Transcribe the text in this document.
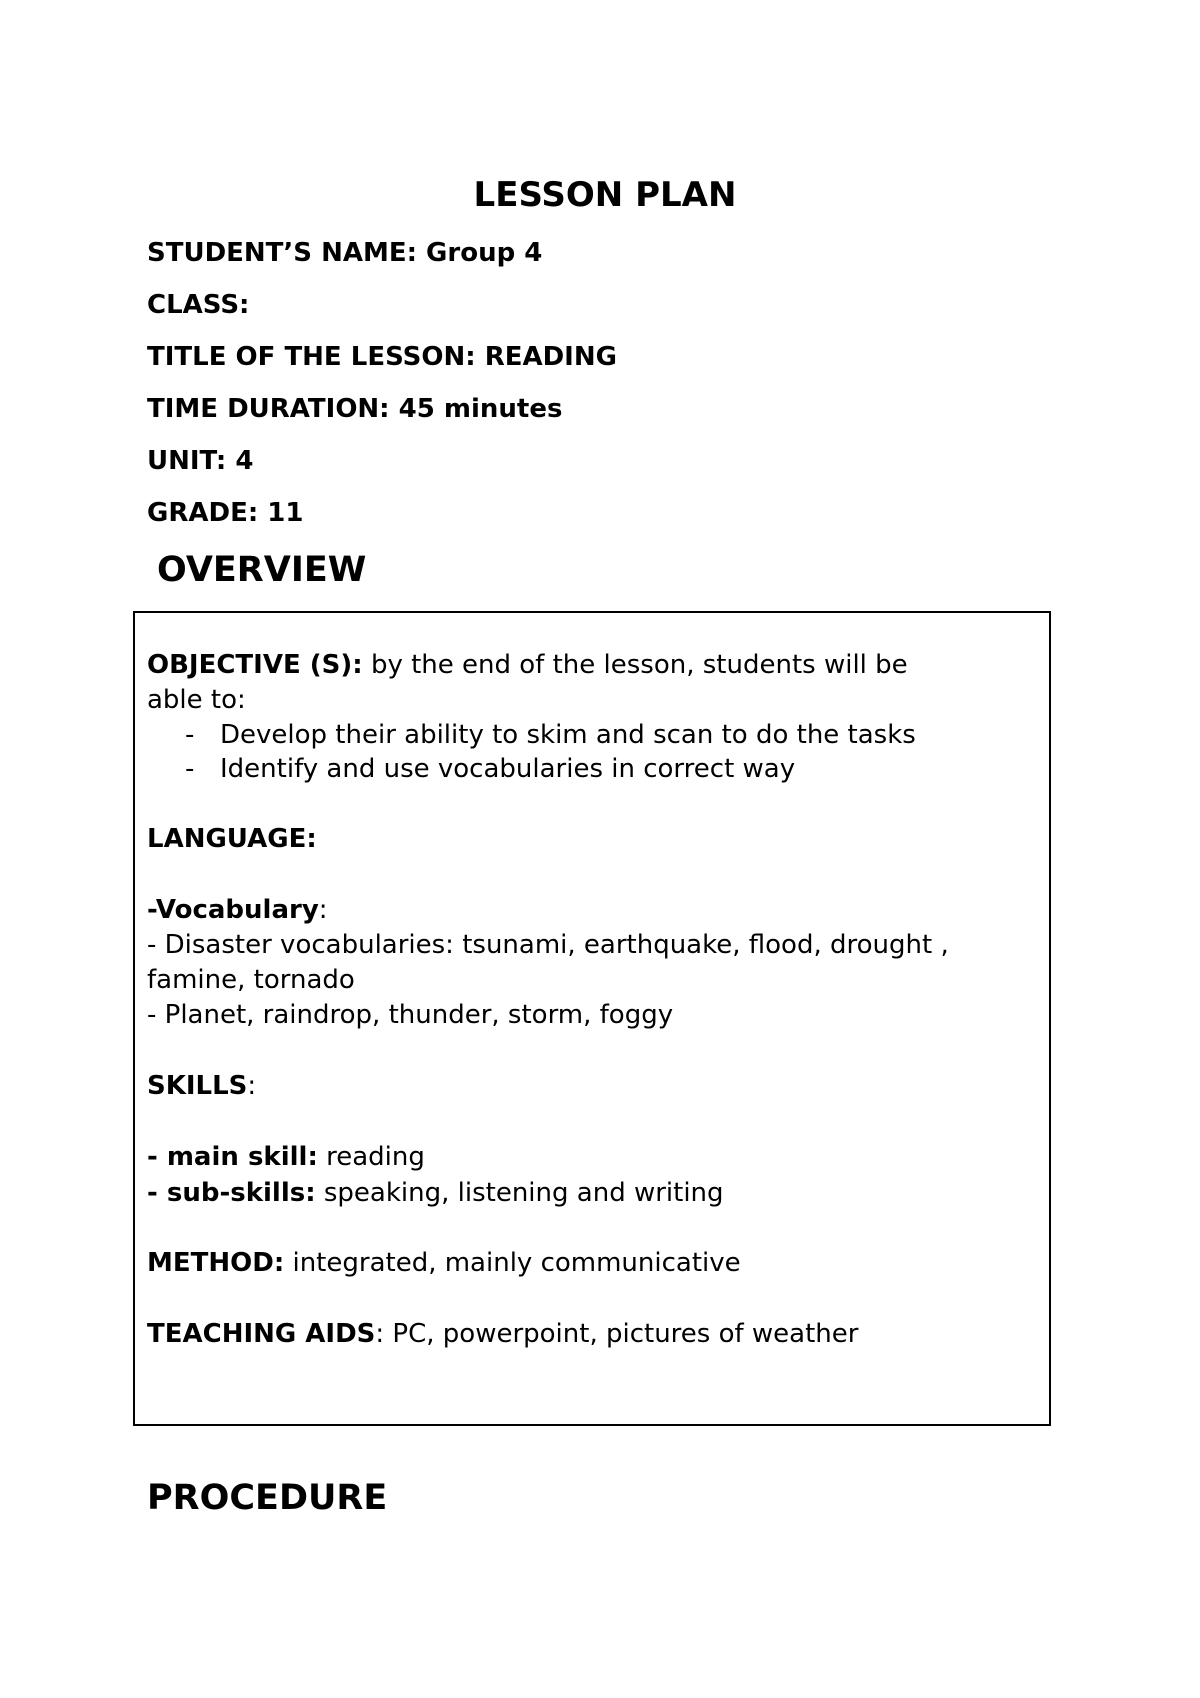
LESSON PLAN
STUDENT’S NAME: Group 4
CLASS:
TITLE OF THE LESSON: READING
TIME DURATION: 45 minutes
UNIT: 4
GRADE: 11
OVERVIEW
OBJECTIVE (S): by the end of the lesson, students will be
able to:
- Develop their ability to skim and scan to do the tasks
- Identify and use vocabularies in correct way
LANGUAGE:
-Vocabulary:
- Disaster vocabularies: tsunami, earthquake, flood, drought ,
famine, tornado
- Planet, raindrop, thunder, storm, foggy
SKILLS:
- main skill: reading
- sub-skills: speaking, listening and writing
METHOD: integrated, mainly communicative
TEACHING AIDS: PC, powerpoint, pictures of weather
PROCEDURE
